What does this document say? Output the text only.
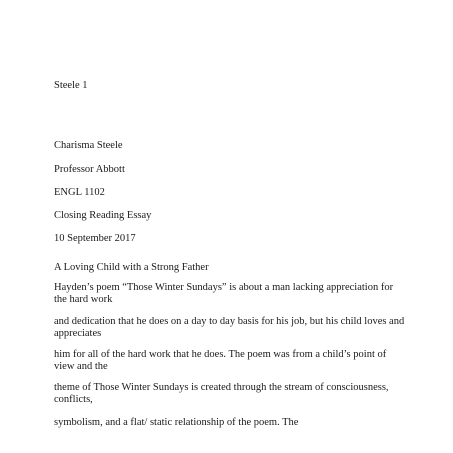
Steele 1
Charisma Steele
Professor Abbott
ENGL 1102
Closing Reading Essay
10 September 2017
A Loving Child with a Strong Father
Hayden’s poem “Those Winter Sundays” is about a man lacking appreciation for the hard work
and dedication that he does on a day to day basis for his job, but his child loves and appreciates
him for all of the hard work that he does. The poem was from a child’s point of view and the
theme of Those Winter Sundays is created through the stream of consciousness, conflicts,
symbolism, and a flat/ static relationship of the poem. The
